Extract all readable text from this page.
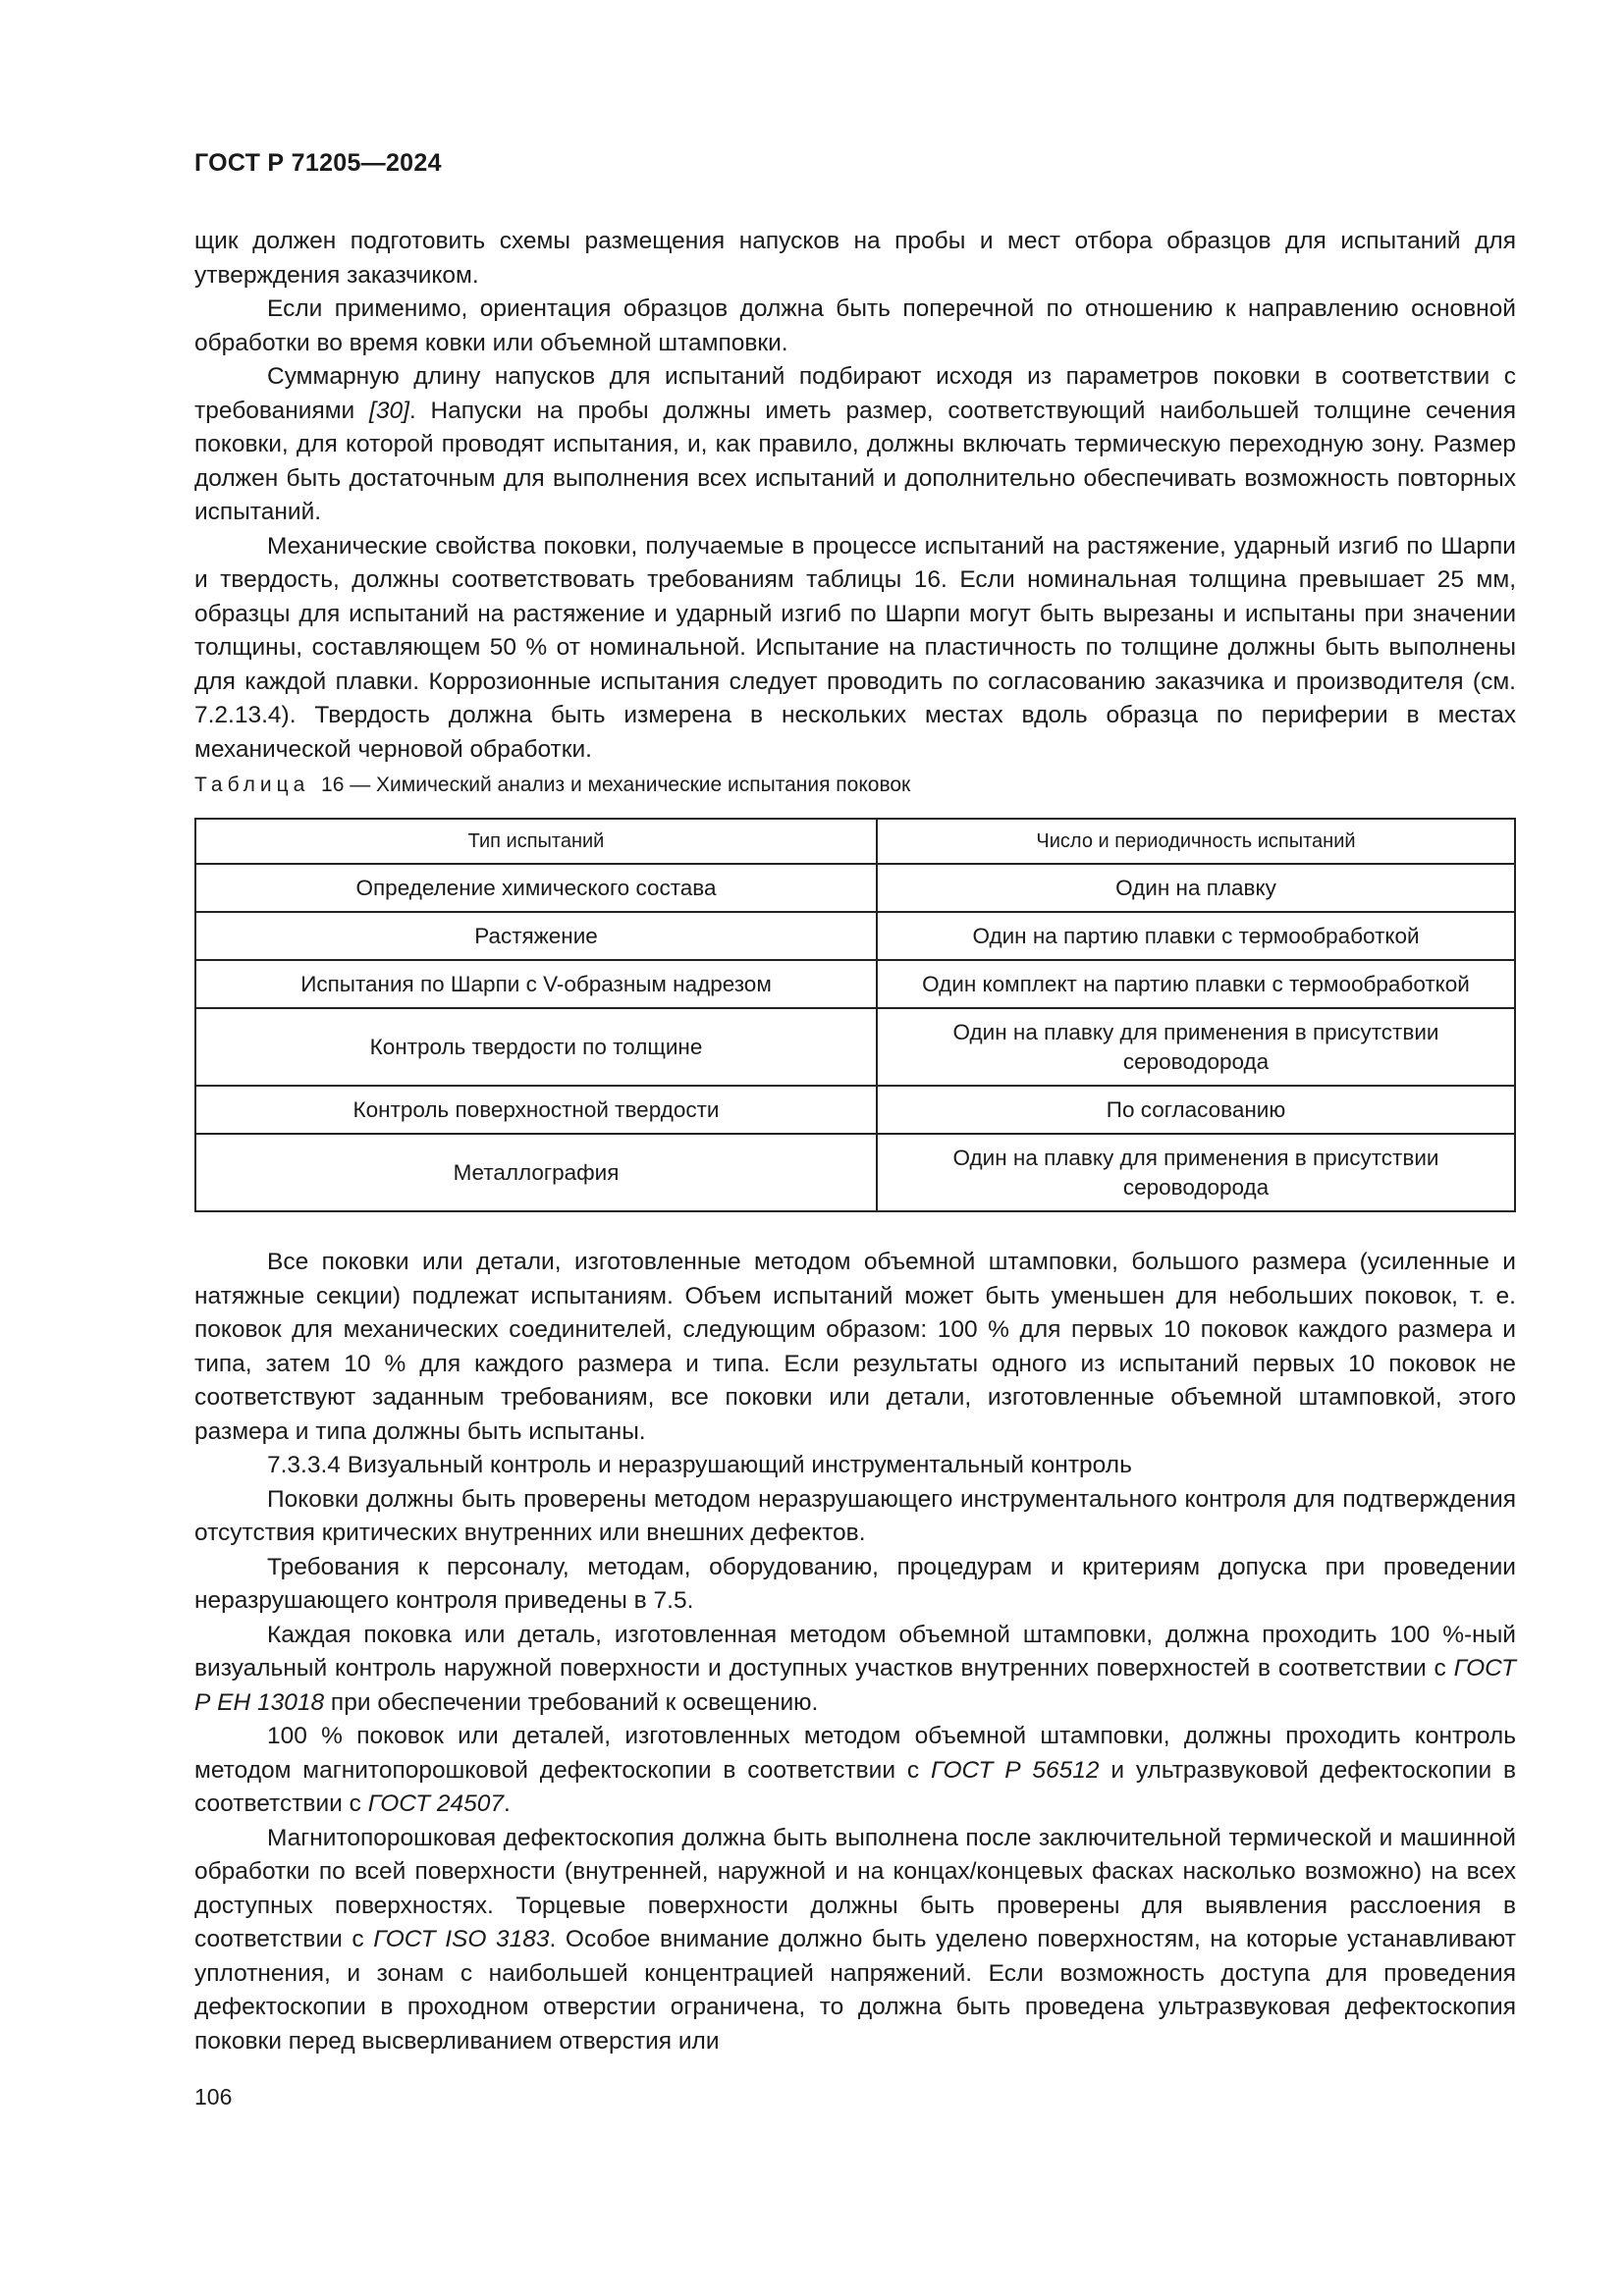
ГОСТ Р 71205—2024

щик должен подготовить схемы размещения напусков на пробы и мест отбора образцов для испытаний для утверждения заказчиком.

Если применимо, ориентация образцов должна быть поперечной по отношению к направлению основной обработки во время ковки или объемной штамповки.

Суммарную длину напусков для испытаний подбирают исходя из параметров поковки в соответствии с требованиями [30]. Напуски на пробы должны иметь размер, соответствующий наибольшей толщине сечения поковки, для которой проводят испытания, и, как правило, должны включать термическую переходную зону. Размер должен быть достаточным для выполнения всех испытаний и дополнительно обеспечивать возможность повторных испытаний.

Механические свойства поковки, получаемые в процессе испытаний на растяжение, ударный изгиб по Шарпи и твердость, должны соответствовать требованиям таблицы 16. Если номинальная толщина превышает 25 мм, образцы для испытаний на растяжение и ударный изгиб по Шарпи могут быть вырезаны и испытаны при значении толщины, составляющем 50 % от номинальной. Испытание на пластичность по толщине должны быть выполнены для каждой плавки. Коррозионные испытания следует проводить по согласованию заказчика и производителя (см. 7.2.13.4). Твердость должна быть измерена в нескольких местах вдоль образца по периферии в местах механической черновой обработки.

Таблица 16 — Химический анализ и механические испытания поковок
Тип испытаний	Число и периодичность испытаний
Определение химического состава	Один на плавку
Растяжение	Один на партию плавки с термообработкой
Испытания по Шарпи с V-образным надрезом	Один комплект на партию плавки с термообработкой
Контроль твердости по толщине	Один на плавку для применения в присутствии сероводорода
Контроль поверхностной твердости	По согласованию
Металлография	Один на плавку для применения в присутствии сероводорода

Все поковки или детали, изготовленные методом объемной штамповки, большого размера (усиленные и натяжные секции) подлежат испытаниям. Объем испытаний может быть уменьшен для небольших поковок, т. е. поковок для механических соединителей, следующим образом: 100 % для первых 10 поковок каждого размера и типа, затем 10 % для каждого размера и типа. Если результаты одного из испытаний первых 10 поковок не соответствуют заданным требованиям, все поковки или детали, изготовленные объемной штамповкой, этого размера и типа должны быть испытаны.

7.3.3.4 Визуальный контроль и неразрушающий инструментальный контроль

Поковки должны быть проверены методом неразрушающего инструментального контроля для подтверждения отсутствия критических внутренних или внешних дефектов.

Требования к персоналу, методам, оборудованию, процедурам и критериям допуска при проведении неразрушающего контроля приведены в 7.5.

Каждая поковка или деталь, изготовленная методом объемной штамповки, должна проходить 100 %-ный визуальный контроль наружной поверхности и доступных участков внутренних поверхностей в соответствии с ГОСТ Р ЕН 13018 при обеспечении требований к освещению.

100 % поковок или деталей, изготовленных методом объемной штамповки, должны проходить контроль методом магнитопорошковой дефектоскопии в соответствии с ГОСТ Р 56512 и ультразвуковой дефектоскопии в соответствии с ГОСТ 24507.

Магнитопорошковая дефектоскопия должна быть выполнена после заключительной термической и машинной обработки по всей поверхности (внутренней, наружной и на концах/концевых фасках насколько возможно) на всех доступных поверхностях. Торцевые поверхности должны быть проверены для выявления расслоения в соответствии с ГОСТ ISO 3183. Особое внимание должно быть уделено поверхностям, на которые устанавливают уплотнения, и зонам с наибольшей концентрацией напряжений. Если возможность доступа для проведения дефектоскопии в проходном отверстии ограничена, то должна быть проведена ультразвуковая дефектоскопия поковки перед высверливанием отверстия или

106
